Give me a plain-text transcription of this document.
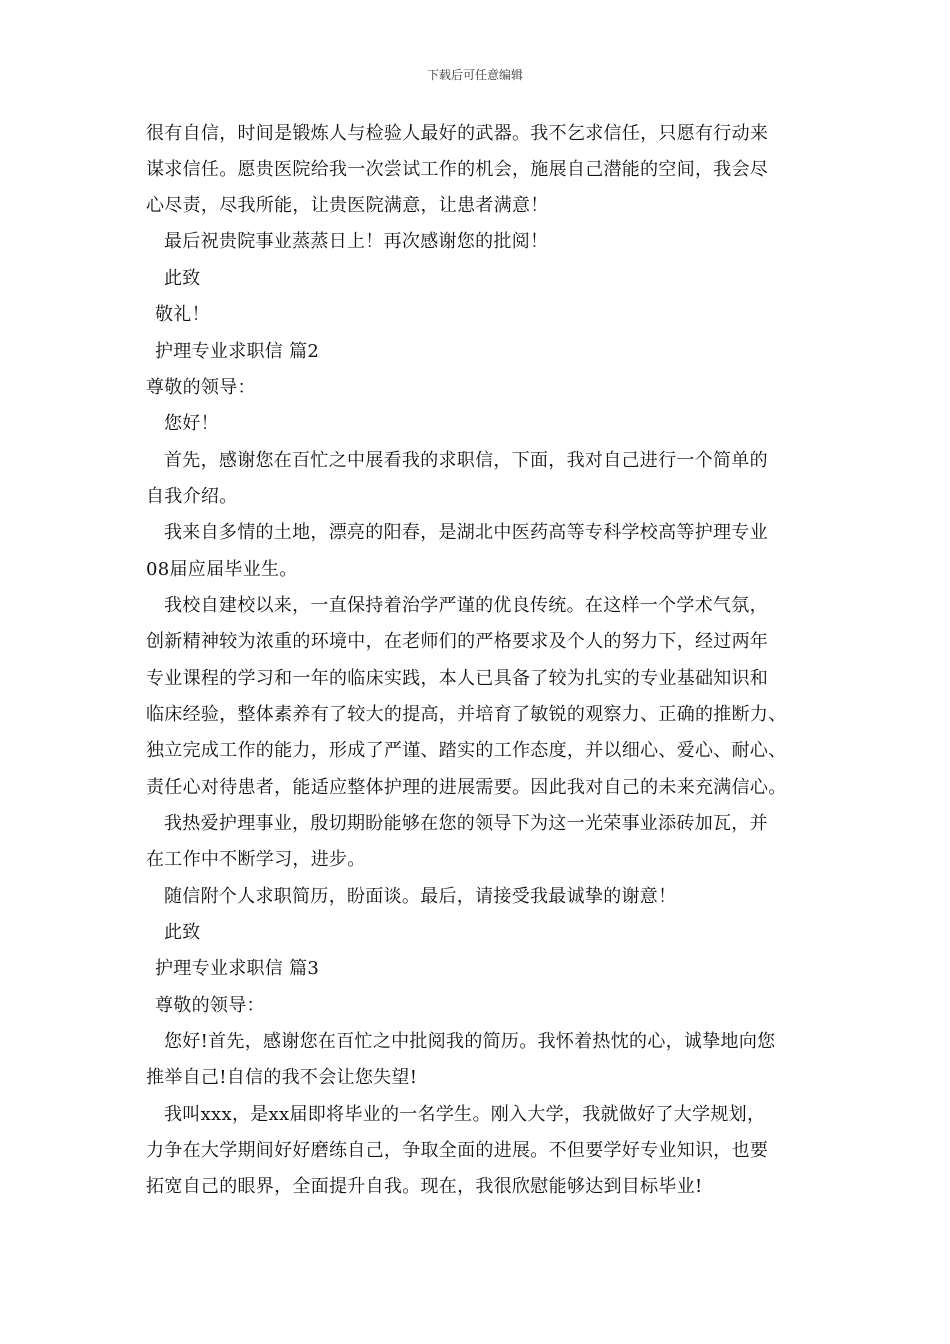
下载后可任意编辑
很有自信，时间是锻炼人与检验人最好的武器。我不乞求信任，只愿有行动来
谋求信任。愿贵医院给我一次尝试工作的机会，施展自己潜能的空间，我会尽
心尽责，尽我所能，让贵医院满意，让患者满意！
最后祝贵院事业蒸蒸日上！再次感谢您的批阅！
此致
敬礼！
护理专业求职信 篇2
尊敬的领导：
您好！
首先，感谢您在百忙之中展看我的求职信，下面，我对自己进行一个简单的
自我介绍。
我来自多情的土地，漂亮的阳春，是湖北中医药高等专科学校高等护理专业
08届应届毕业生。
我校自建校以来，一直保持着治学严谨的优良传统。在这样一个学术气氛，
创新精神较为浓重的环境中，在老师们的严格要求及个人的努力下，经过两年
专业课程的学习和一年的临床实践，本人已具备了较为扎实的专业基础知识和
临床经验，整体素养有了较大的提高，并培育了敏锐的观察力、正确的推断力、
独立完成工作的能力，形成了严谨、踏实的工作态度，并以细心、爱心、耐心、
责任心对待患者，能适应整体护理的进展需要。因此我对自己的未来充满信心。
我热爱护理事业，殷切期盼能够在您的领导下为这一光荣事业添砖加瓦，并
在工作中不断学习，进步。
随信附个人求职简历，盼面谈。最后，请接受我最诚挚的谢意！
此致
护理专业求职信 篇3
尊敬的领导：
您好!首先，感谢您在百忙之中批阅我的简历。我怀着热忱的心，诚挚地向您
推举自己!自信的我不会让您失望!
我叫xxx，是xx届即将毕业的一名学生。刚入大学，我就做好了大学规划，
力争在大学期间好好磨练自己，争取全面的进展。不但要学好专业知识，也要
拓宽自己的眼界，全面提升自我。现在，我很欣慰能够达到目标毕业!
